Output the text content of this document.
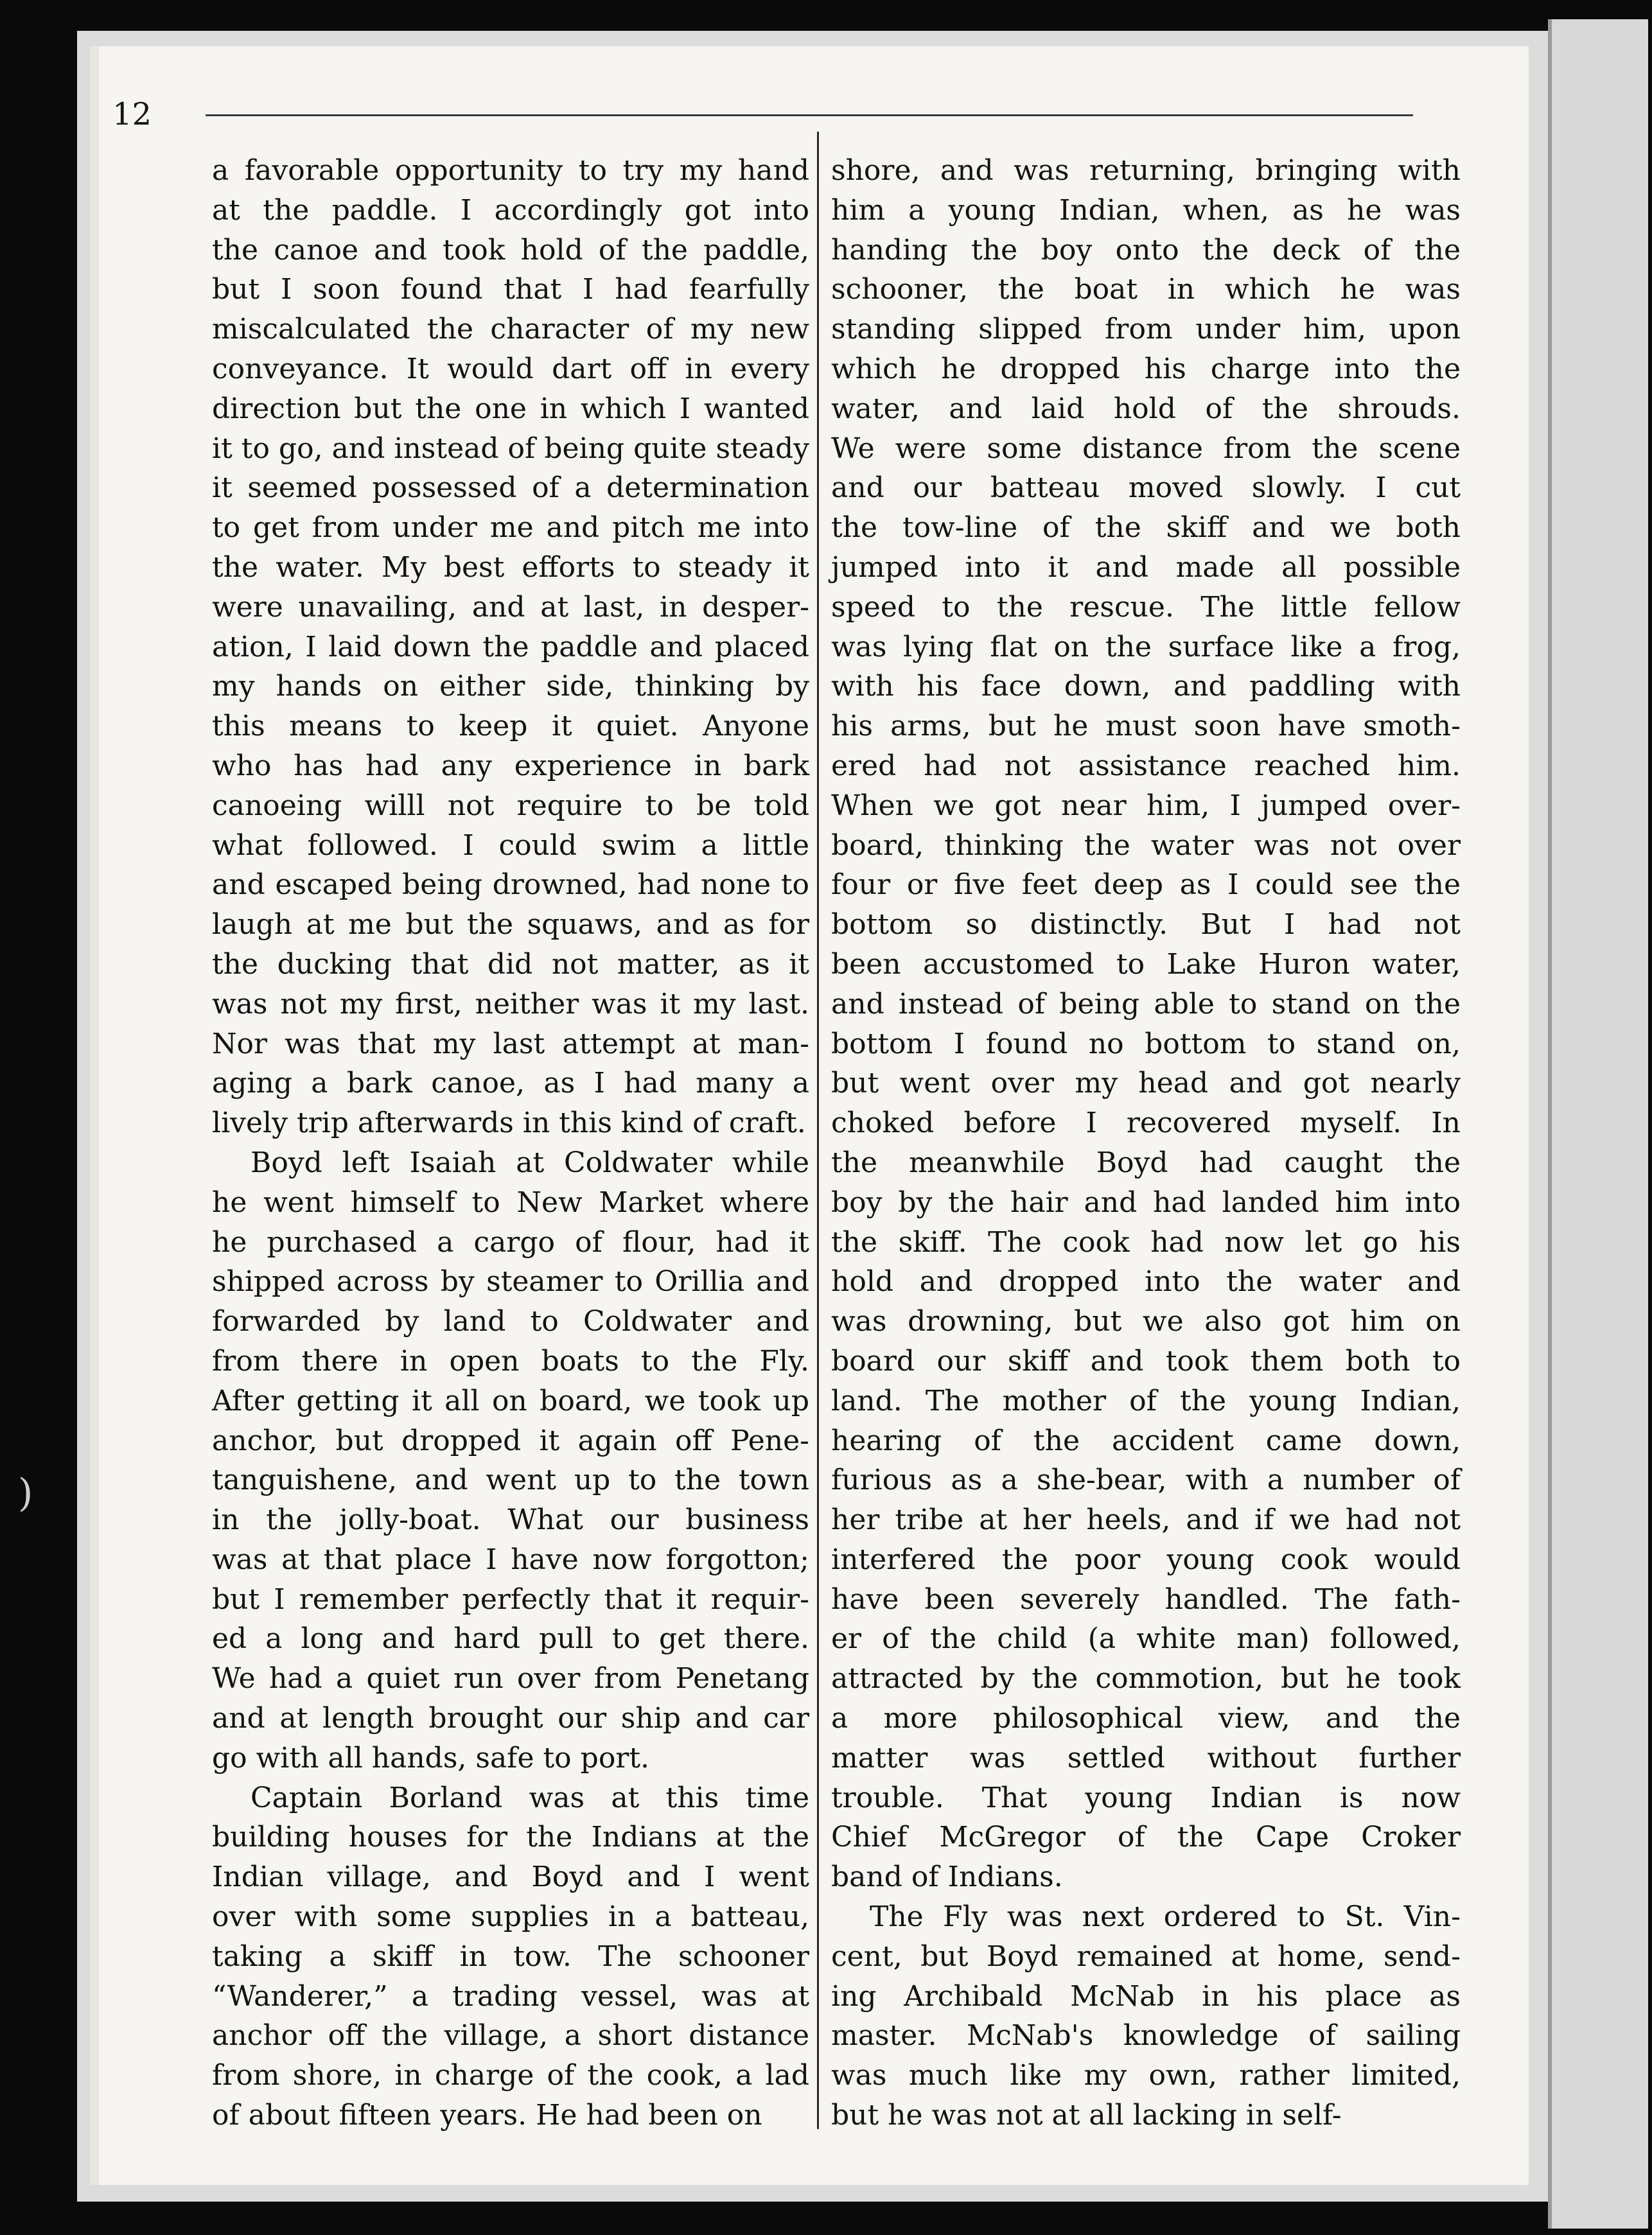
12
a favorable opportunity to try my hand
at the paddle. I accordingly got into
the canoe and took hold of the paddle,
but I soon found that I had fearfully
miscalculated the character of my new
conveyance. It would dart off in every
direction but the one in which I wanted
it to go, and instead of being quite steady
it seemed possessed of a determination
to get from under me and pitch me into
the water. My best efforts to steady it
were unavailing, and at last, in desper-
ation, I laid down the paddle and placed
my hands on either side, thinking by
this means to keep it quiet. Anyone
who has had any experience in bark
canoeing willl not require to be told
what followed. I could swim a little
and escaped being drowned, had none to
laugh at me but the squaws, and as for
the ducking that did not matter, as it
was not my first, neither was it my last.
Nor was that my last attempt at man-
aging a bark canoe, as I had many a
lively trip afterwards in this kind of craft.
Boyd left Isaiah at Coldwater while
he went himself to New Market where
he purchased a cargo of flour, had it
shipped across by steamer to Orillia and
forwarded by land to Coldwater and
from there in open boats to the Fly.
After getting it all on board, we took up
anchor, but dropped it again off Pene-
tanguishene, and went up to the town
in the jolly-boat. What our business
was at that place I have now forgotton;
but I remember perfectly that it requir-
ed a long and hard pull to get there.
We had a quiet run over from Penetang
and at length brought our ship and car
go with all hands, safe to port.
Captain Borland was at this time
building houses for the Indians at the
Indian village, and Boyd and I went
over with some supplies in a batteau,
taking a skiff in tow. The schooner
“Wanderer,” a trading vessel, was at
anchor off the village, a short distance
from shore, in charge of the cook, a lad
of about fifteen years. He had been on
shore, and was returning, bringing with
him a young Indian, when, as he was
handing the boy onto the deck of the
schooner, the boat in which he was
standing slipped from under him, upon
which he dropped his charge into the
water, and laid hold of the shrouds.
We were some distance from the scene
and our batteau moved slowly. I cut
the tow-line of the skiff and we both
jumped into it and made all possible
speed to the rescue. The little fellow
was lying flat on the surface like a frog,
with his face down, and paddling with
his arms, but he must soon have smoth-
ered had not assistance reached him.
When we got near him, I jumped over-
board, thinking the water was not over
four or five feet deep as I could see the
bottom so distinctly. But I had not
been accustomed to Lake Huron water,
and instead of being able to stand on the
bottom I found no bottom to stand on,
but went over my head and got nearly
choked before I recovered myself. In
the meanwhile Boyd had caught the
boy by the hair and had landed him into
the skiff. The cook had now let go his
hold and dropped into the water and
was drowning, but we also got him on
board our skiff and took them both to
land. The mother of the young Indian,
hearing of the accident came down,
furious as a she-bear, with a number of
her tribe at her heels, and if we had not
interfered the poor young cook would
have been severely handled. The fath-
er of the child (a white man) followed,
attracted by the commotion, but he took
a more philosophical view, and the
matter was settled without further
trouble. That young Indian is now
Chief McGregor of the Cape Croker
band of Indians.
The Fly was next ordered to St. Vin-
cent, but Boyd remained at home, send-
ing Archibald McNab in his place as
master. McNab's knowledge of sailing
was much like my own, rather limited,
but he was not at all lacking in self-
)
